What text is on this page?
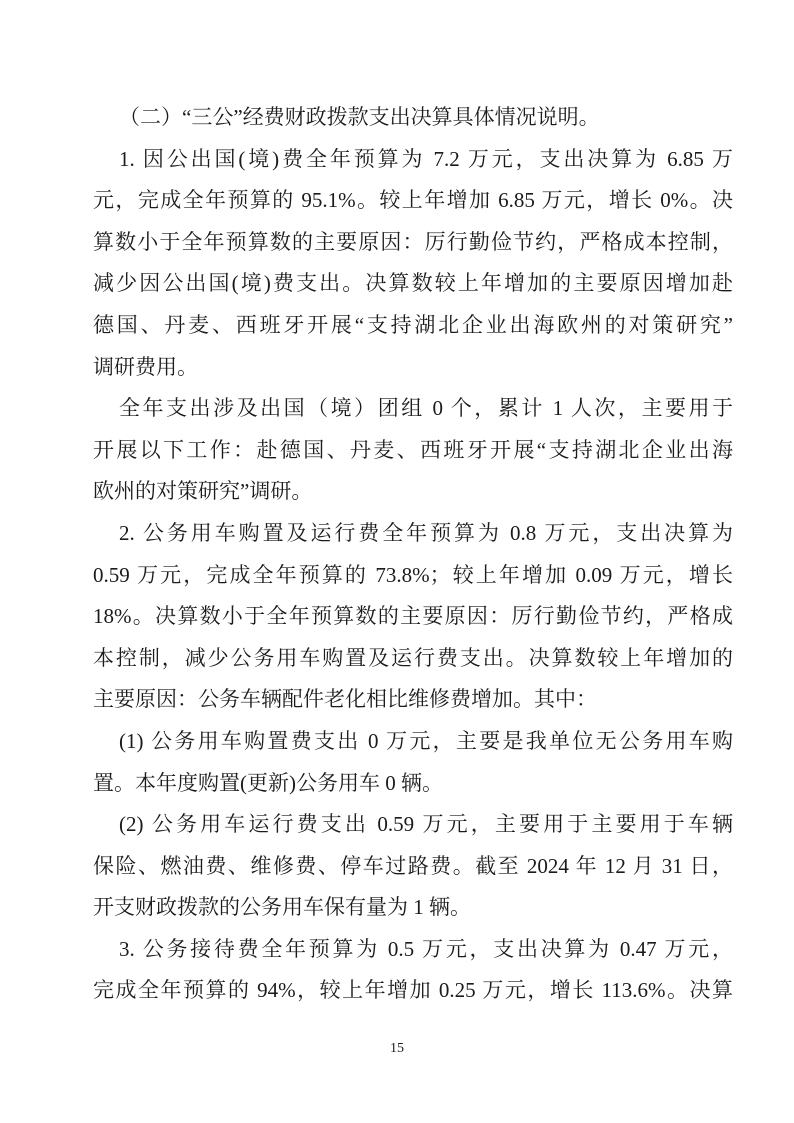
（二）“三公”经费财政拨款支出决算具体情况说明。
1. 因公出国(境)费全年预算为 7.2 万元，支出决算为 6.85 万
元，完成全年预算的 95.1%。较上年增加 6.85 万元，增长 0%。决
算数小于全年预算数的主要原因：厉行勤俭节约，严格成本控制，
减少因公出国(境)费支出。决算数较上年增加的主要原因增加赴
德国、丹麦、西班牙开展“支持湖北企业出海欧州的对策研究”
调研费用。
全年支出涉及出国（境）团组 0 个，累计 1 人次，主要用于
开展以下工作：赴德国、丹麦、西班牙开展“支持湖北企业出海
欧州的对策研究”调研。
2. 公务用车购置及运行费全年预算为 0.8 万元，支出决算为
0.59 万元，完成全年预算的 73.8%；较上年增加 0.09 万元，增长
18%。决算数小于全年预算数的主要原因：厉行勤俭节约，严格成
本控制，减少公务用车购置及运行费支出。决算数较上年增加的
主要原因：公务车辆配件老化相比维修费增加。其中：
(1) 公务用车购置费支出 0 万元，主要是我单位无公务用车购
置。本年度购置(更新)公务用车 0 辆。
(2) 公务用车运行费支出 0.59 万元，主要用于主要用于车辆
保险、燃油费、维修费、停车过路费。截至 2024 年 12 月 31 日，
开支财政拨款的公务用车保有量为 1 辆。
3. 公务接待费全年预算为 0.5 万元，支出决算为 0.47 万元，
完成全年预算的 94%，较上年增加 0.25 万元，增长 113.6%。决算
15
